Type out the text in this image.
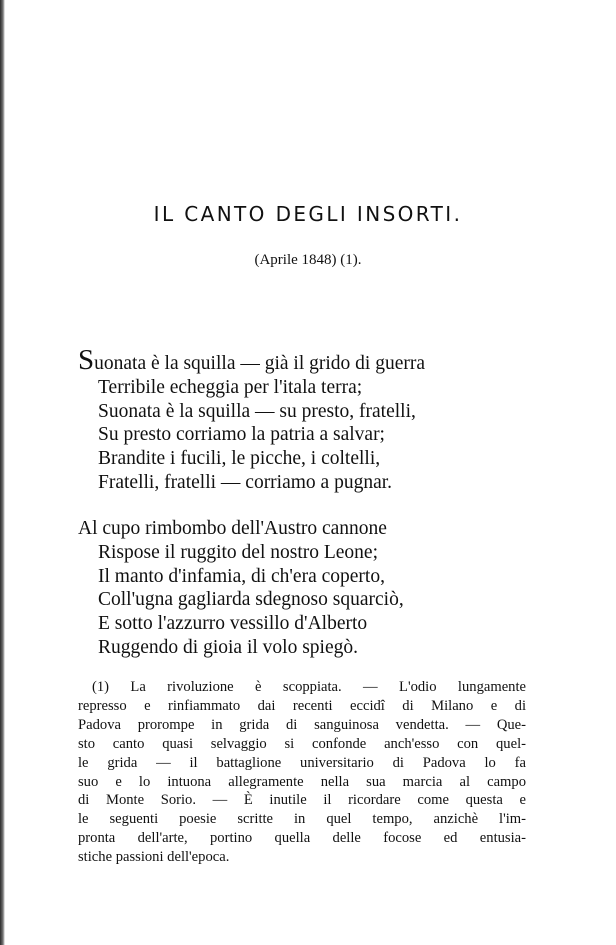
IL CANTO DEGLI INSORTI.

(Aprile 1848) (1).

Suonata è la squilla — già il grido di guerra
Terribile echeggia per l'itala terra;
Suonata è la squilla — su presto, fratelli,
Su presto corriamo la patria a salvar;
Brandite i fucili, le picche, i coltelli,
Fratelli, fratelli — corriamo a pugnar.
Al cupo rimbombo dell'Austro cannone
Rispose il ruggito del nostro Leone;
Il manto d'infamia, di ch'era coperto,
Coll'ugna gagliarda sdegnoso squarciò,
E sotto l'azzurro vessillo d'Alberto
Ruggendo di gioia il volo spiegò.
(1) La rivoluzione è scoppiata. — L'odio lungamente
represso e rinfiammato dai recenti eccidî di Milano e di
Padova prorompe in grida di sanguinosa vendetta. — Que-
sto canto quasi selvaggio si confonde anch'esso con quel-
le grida — il battaglione universitario di Padova lo fa
suo e lo intuona allegramente nella sua marcia al campo
di Monte Sorio. — È inutile il ricordare come questa e
le seguenti poesie scritte in quel tempo, anzichè l'im-
pronta dell'arte, portino quella delle focose ed entusia-
stiche passioni dell'epoca.
